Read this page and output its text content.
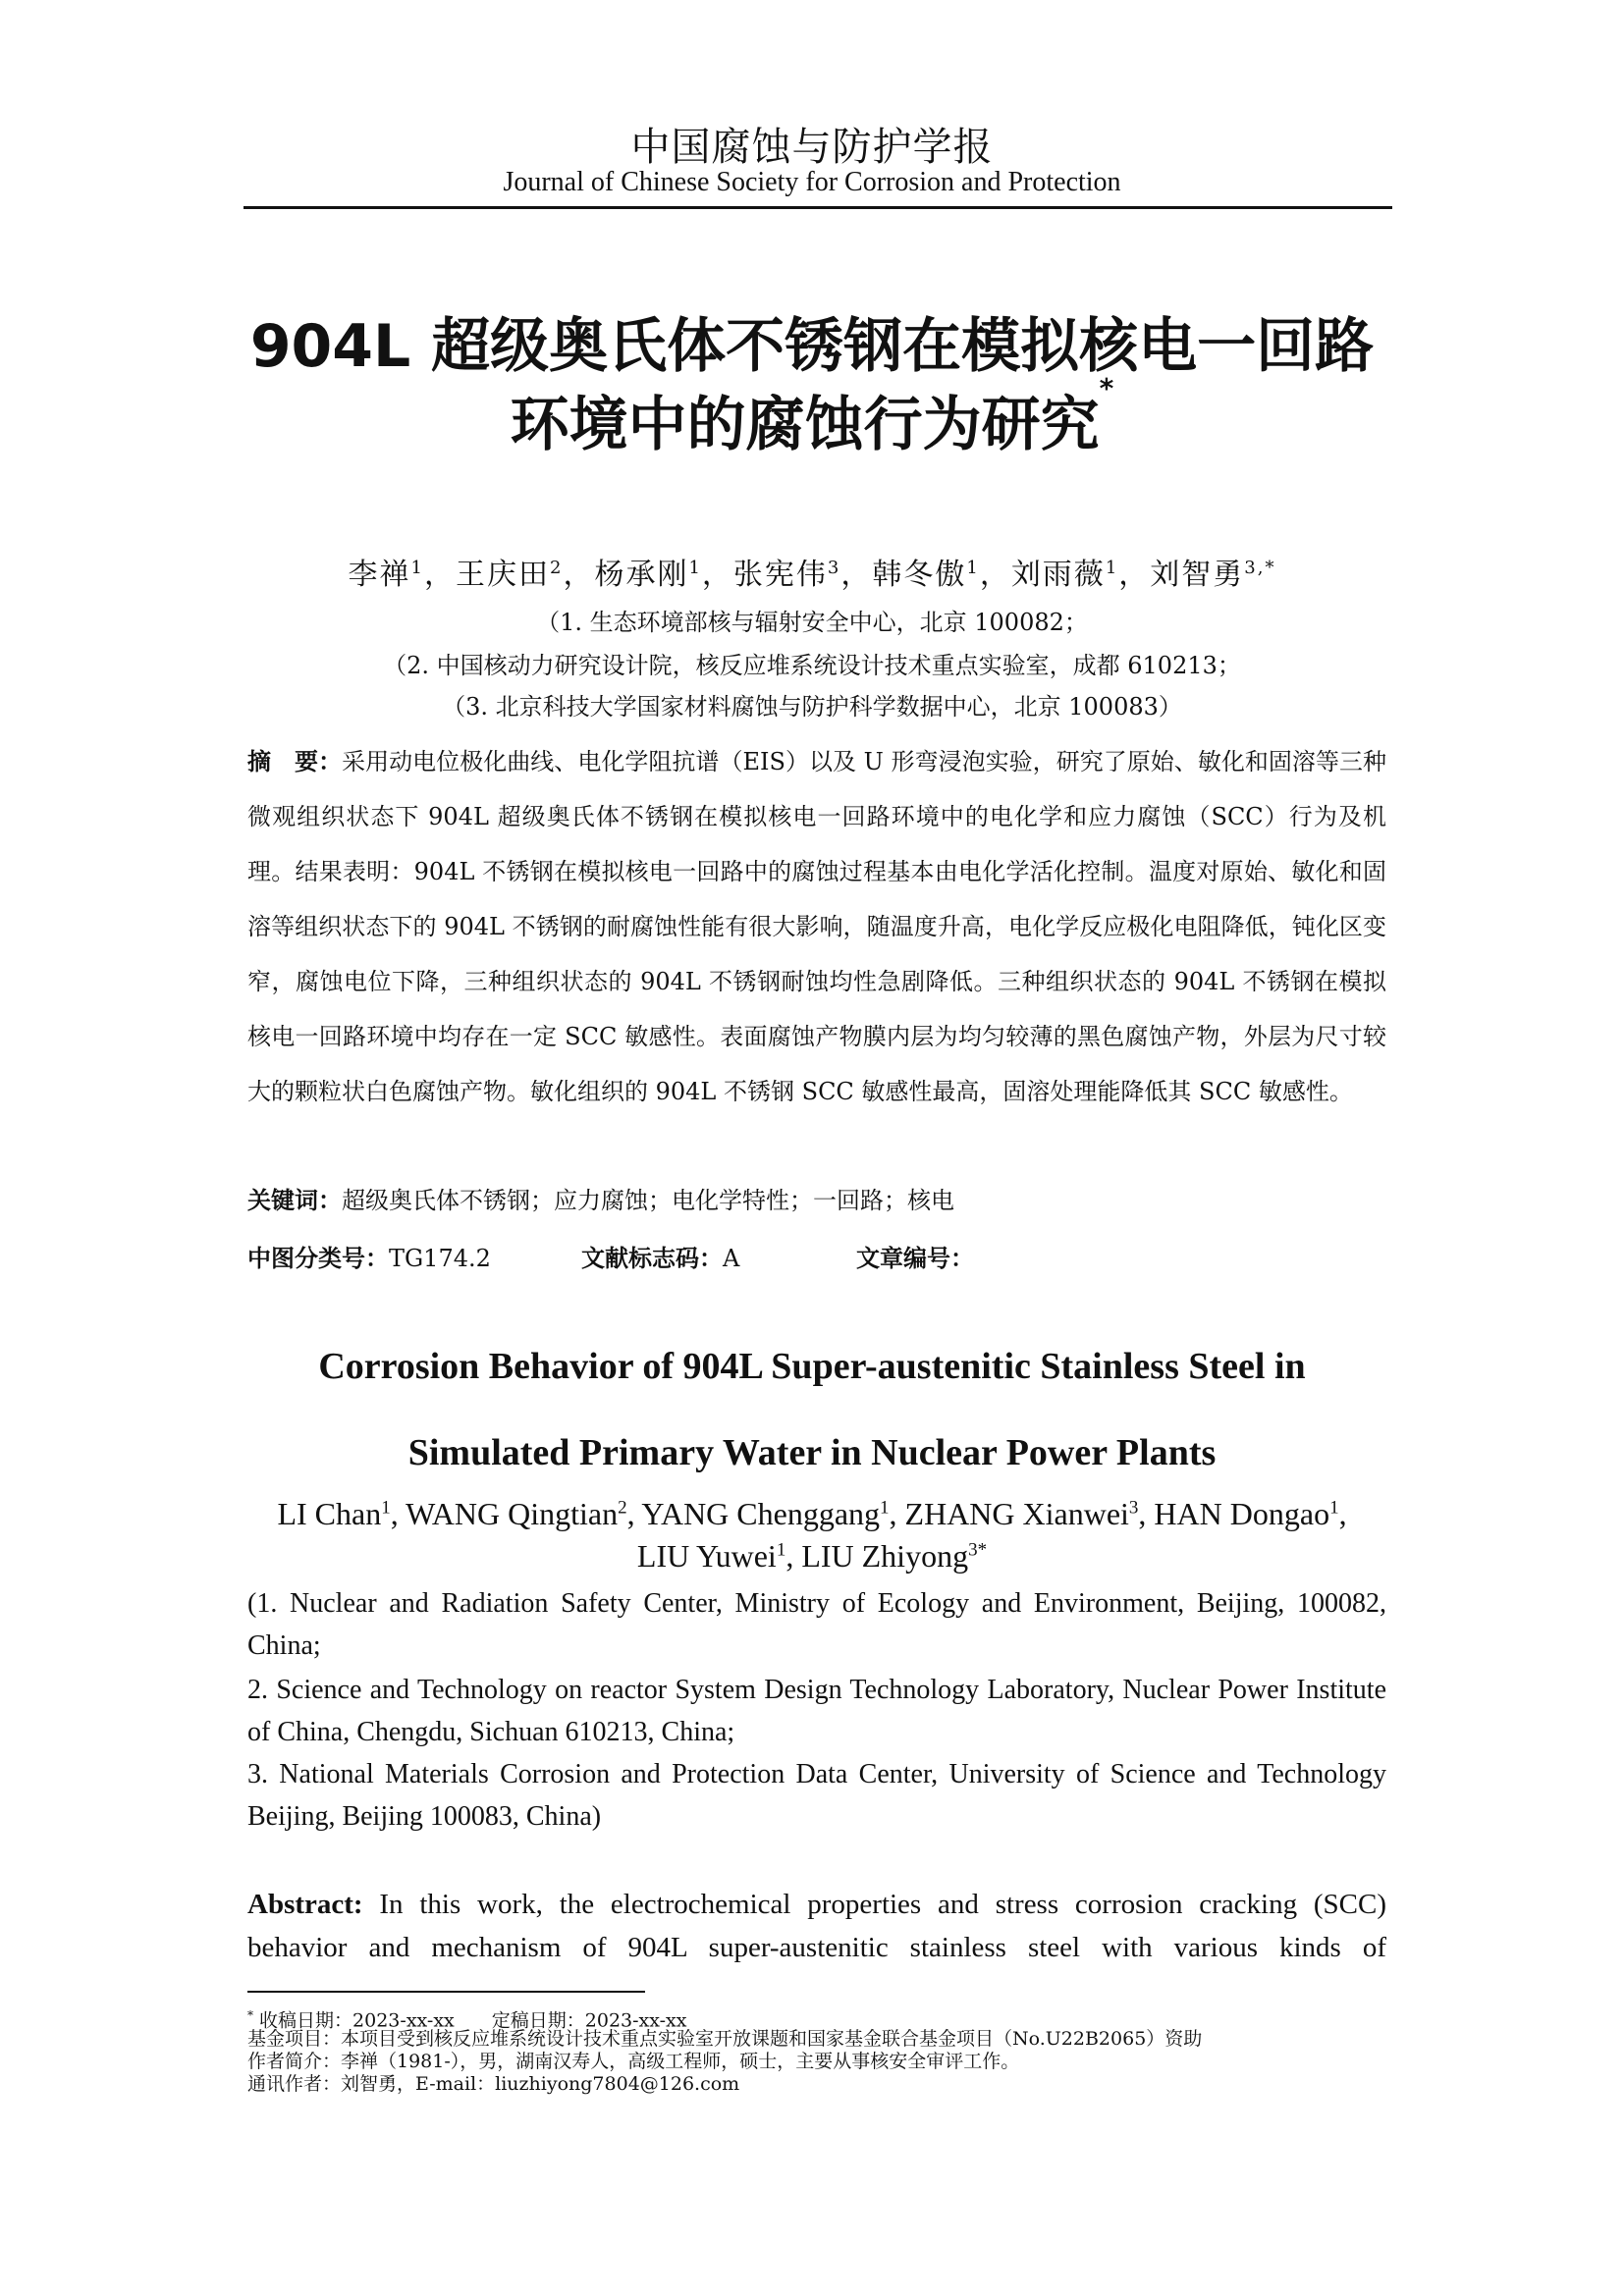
中国腐蚀与防护学报
Journal of Chinese Society for Corrosion and Protection
904L 超级奥氏体不锈钢在模拟核电一回路
环境中的腐蚀行为研究*
李禅$^1$，王庆田$^2$，杨承刚$^1$，张宪伟$^3$，韩冬傲$^1$，刘雨薇$^1$，刘智勇$^{3,*}$
（1. 生态环境部核与辐射安全中心，北京 100082；
（2. 中国核动力研究设计院，核反应堆系统设计技术重点实验室，成都 610213；
（3. 北京科技大学国家材料腐蚀与防护科学数据中心，北京 100083）
摘　要：采用动电位极化曲线、电化学阻抗谱（EIS）以及 U 形弯浸泡实验，研究了原始、敏化和固溶等三种微观组织状态下 904L 超级奥氏体不锈钢在模拟核电一回路环境中的电化学和应力腐蚀（SCC）行为及机理。结果表明：904L 不锈钢在模拟核电一回路中的腐蚀过程基本由电化学活化控制。温度对原始、敏化和固溶等组织状态下的 904L 不锈钢的耐腐蚀性能有很大影响，随温度升高，电化学反应极化电阻降低，钝化区变窄，腐蚀电位下降，三种组织状态的 904L 不锈钢耐蚀均性急剧降低。三种组织状态的 904L 不锈钢在模拟核电一回路环境中均存在一定 SCC 敏感性。表面腐蚀产物膜内层为均匀较薄的黑色腐蚀产物，外层为尺寸较大的颗粒状白色腐蚀产物。敏化组织的 904L 不锈钢 SCC 敏感性最高，固溶处理能降低其 SCC 敏感性。
关键词：超级奥氏体不锈钢；应力腐蚀；电化学特性；一回路；核电
中图分类号：TG174.2	文献标志码：A	文章编号：
Corrosion Behavior of 904L Super-austenitic Stainless Steel in
Simulated Primary Water in Nuclear Power Plants
LI Chan$^1$, WANG Qingtian$^2$, YANG Chenggang$^1$, ZHANG Xianwei$^3$, HAN Dongao$^1$,
LIU Yuwei$^1$, LIU Zhiyong$^{3*}$
(1. Nuclear and Radiation Safety Center, Ministry of Ecology and Environment, Beijing, 100082, China;
2. Science and Technology on reactor System Design Technology Laboratory, Nuclear Power Institute of China, Chengdu, Sichuan 610213, China;
3. National Materials Corrosion and Protection Data Center, University of Science and Technology Beijing, Beijing 100083, China)
Abstract: In this work, the electrochemical properties and stress corrosion cracking (SCC) behavior and mechanism of 904L super-austenitic stainless steel with various kinds of
* 收稿日期：2023-xx-xx　　定稿日期：2023-xx-xx
基金项目：本项目受到核反应堆系统设计技术重点实验室开放课题和国家基金联合基金项目（No.U22B2065）资助
作者简介：李禅（1981-），男，湖南汉寿人，高级工程师，硕士，主要从事核安全审评工作。
通讯作者：刘智勇，E-mail：liuzhiyong7804@126.com
